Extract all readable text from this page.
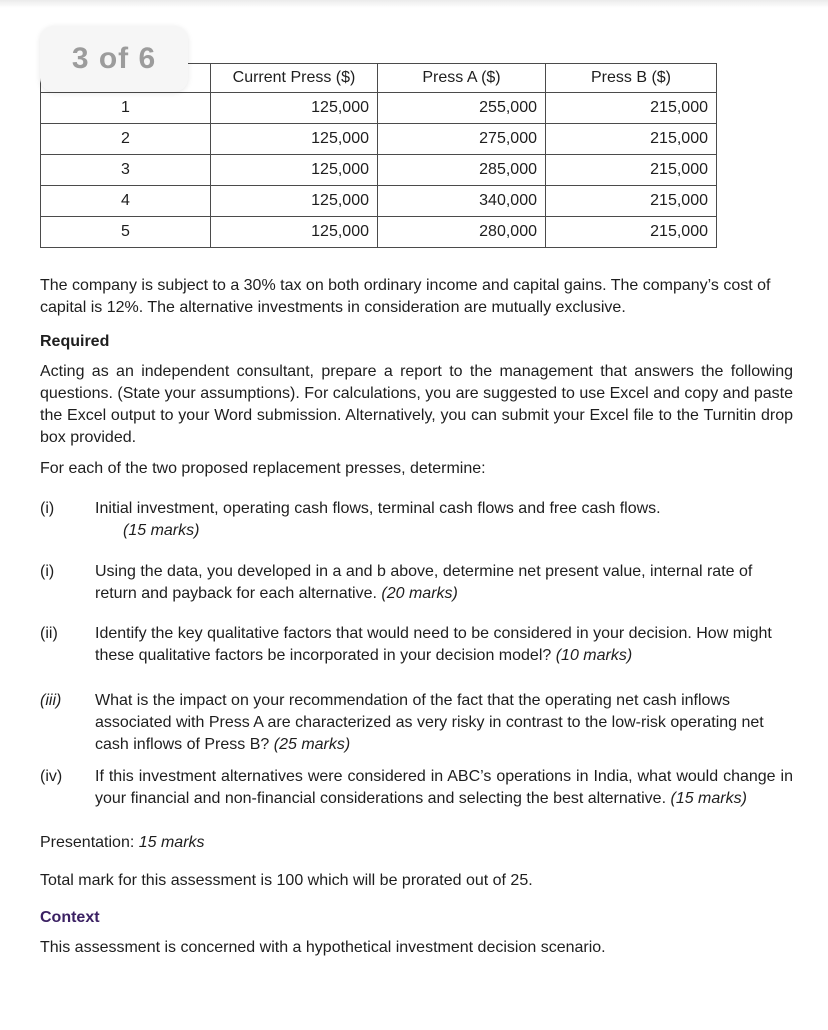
3 of 6
	Current Press ($)	Press A ($)	Press B ($)
1	125,000	255,000	215,000
2	125,000	275,000	215,000
3	125,000	285,000	215,000
4	125,000	340,000	215,000
5	125,000	280,000	215,000

The company is subject to a 30% tax on both ordinary income and capital gains. The company’s cost of capital is 12%. The alternative investments in consideration are mutually exclusive.

Required

Acting as an independent consultant, prepare a report to the management that answers the following questions. (State your assumptions). For calculations, you are suggested to use Excel and copy and paste the Excel output to your Word submission. Alternatively, you can submit your Excel file to the Turnitin drop box provided.

For each of the two proposed replacement presses, determine:

(i)	Initial investment, operating cash flows, terminal cash flows and free cash flows.
(15 marks)
(i)	Using the data, you developed in a and b above, determine net present value, internal rate of return and payback for each alternative. (20 marks)
(ii)	Identify the key qualitative factors that would need to be considered in your decision. How might these qualitative factors be incorporated in your decision model? (10 marks)
(iii)	What is the impact on your recommendation of the fact that the operating net cash inflows associated with Press A are characterized as very risky in contrast to the low-risk operating net cash inflows of Press B? (25 marks)
(iv)	If this investment alternatives were considered in ABC’s operations in India, what would change in your financial and non-financial considerations and selecting the best alternative. (15 marks)

Presentation: 15 marks

Total mark for this assessment is 100 which will be prorated out of 25.

Context

This assessment is concerned with a hypothetical investment decision scenario.
